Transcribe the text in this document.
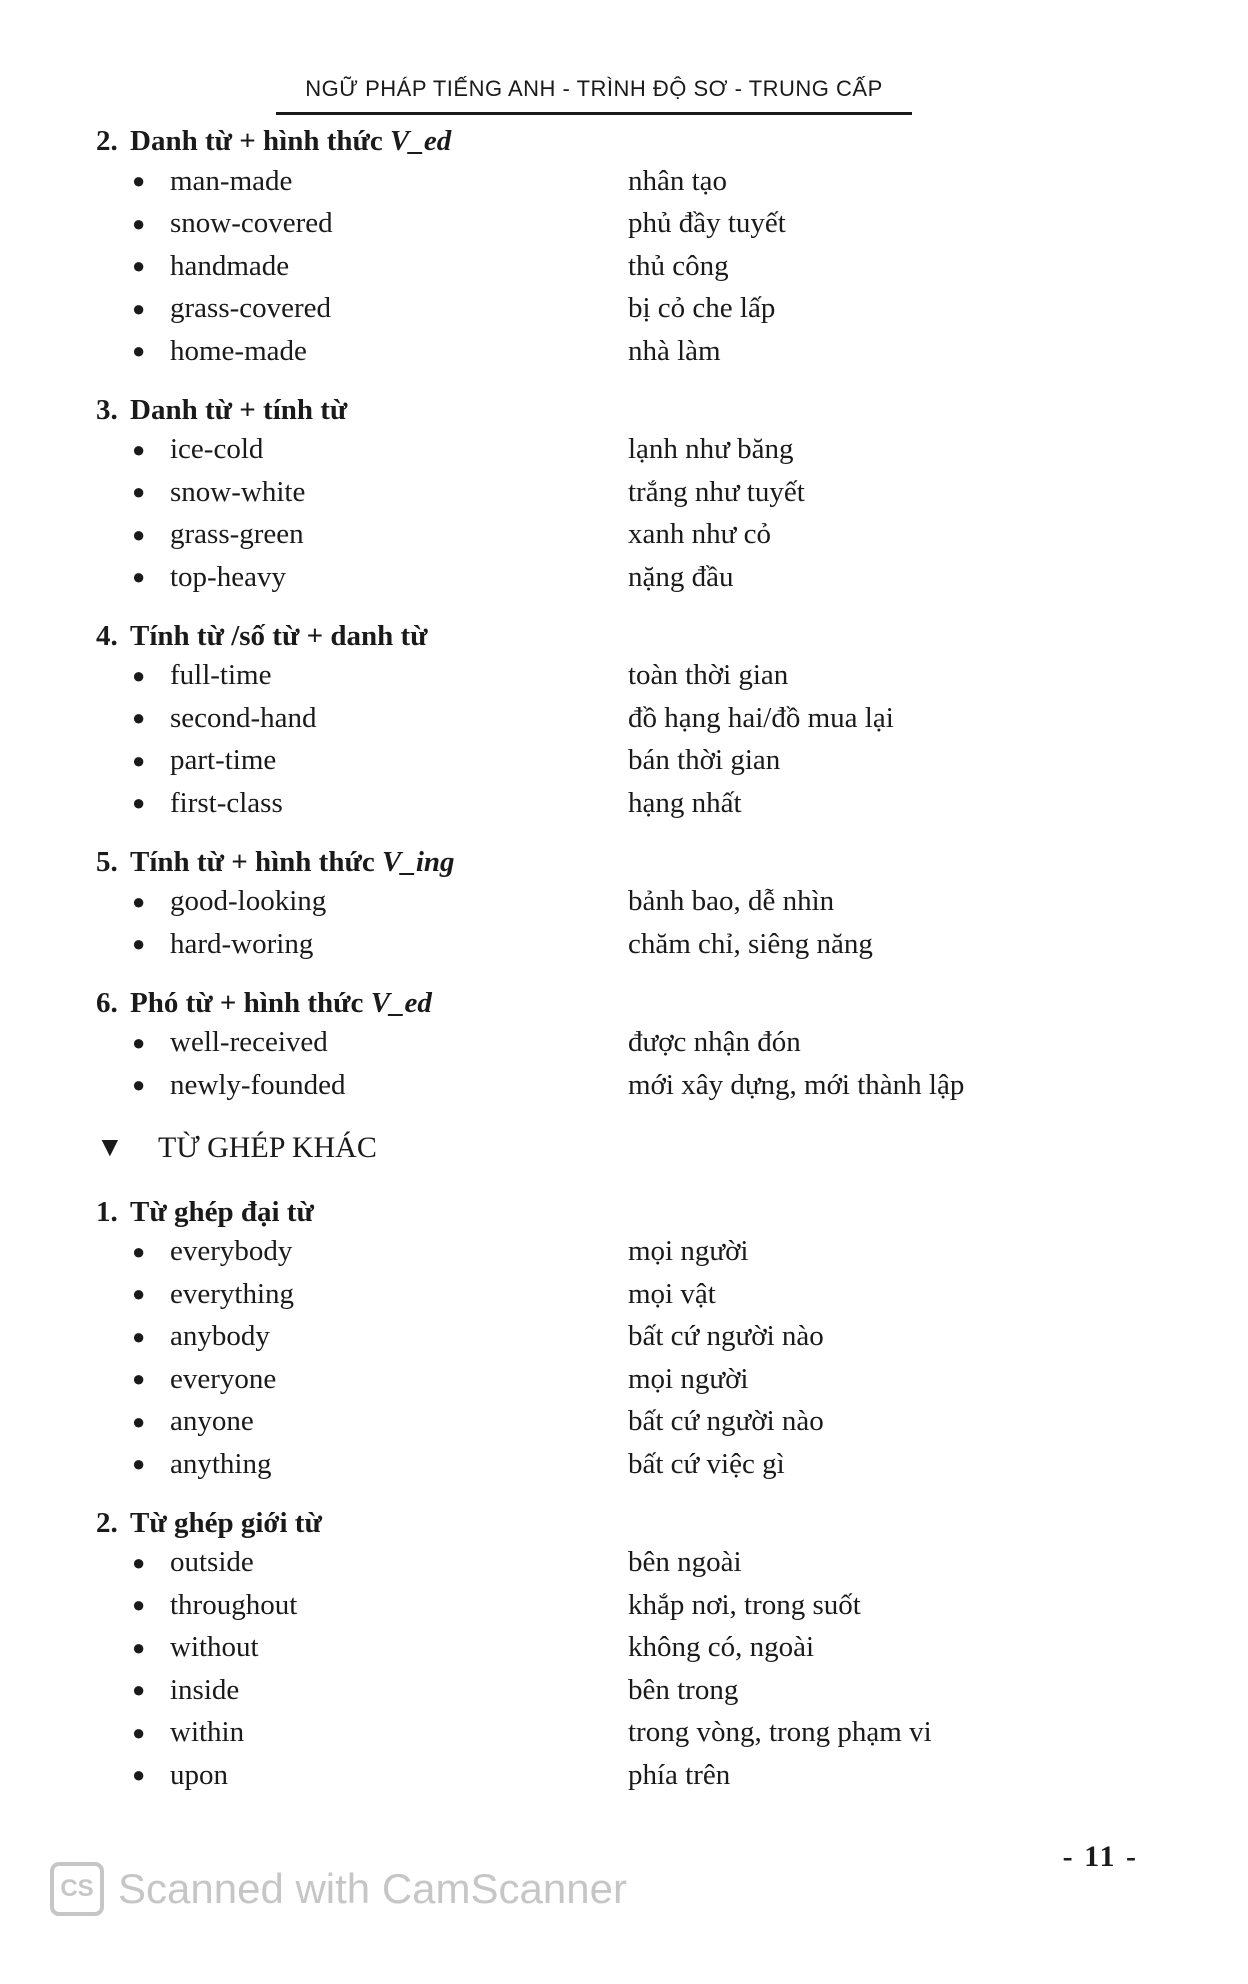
NGỮ PHÁP TIẾNG ANH - TRÌNH ĐỘ SƠ - TRUNG CẤP
2. Danh từ + hình thức V_ed
● man-made	nhân tạo
● snow-covered	phủ đầy tuyết
● handmade	thủ công
● grass-covered	bị cỏ che lấp
● home-made	nhà làm
3. Danh từ + tính từ
● ice-cold	lạnh như băng
● snow-white	trắng như tuyết
● grass-green	xanh như cỏ
● top-heavy	nặng đầu
4. Tính từ /số từ + danh từ
● full-time	toàn thời gian
● second-hand	đồ hạng hai/đồ mua lại
● part-time	bán thời gian
● first-class	hạng nhất
5. Tính từ + hình thức V_ing
● good-looking	bảnh bao, dễ nhìn
● hard-woring	chăm chỉ, siêng năng
6. Phó từ + hình thức V_ed
● well-received	được nhận đón
● newly-founded	mới xây dựng, mới thành lập
▼	TỪ GHÉP KHÁC
1. Từ ghép đại từ
● everybody	mọi người
● everything	mọi vật
● anybody	bất cứ người nào
● everyone	mọi người
● anyone	bất cứ người nào
● anything	bất cứ việc gì
2. Từ ghép giới từ
● outside	bên ngoài
● throughout	khắp nơi, trong suốt
● without	không có, ngoài
● inside	bên trong
● within	trong vòng, trong phạm vi
● upon	phía trên
- 11 -
CS Scanned with CamScanner
